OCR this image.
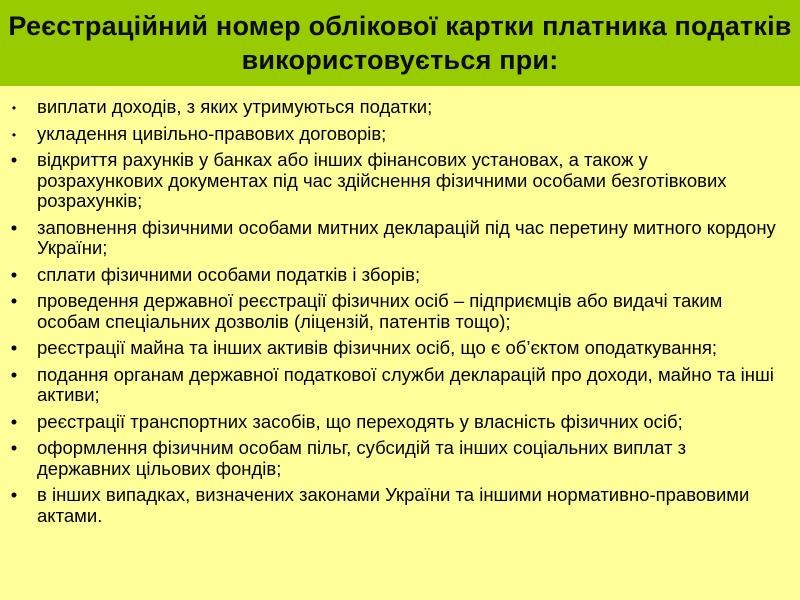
Реєстраційний номер облікової картки платника податків використовується при:
• виплати доходів, з яких утримуються податки;
• укладення цивільно-правових договорів;
• відкриття рахунків у банках або інших фінансових установах, а також у розрахункових документах під час здійснення фізичними особами безготівкових розрахунків;
• заповнення фізичними особами митних декларацій під час перетину митного кордону України;
• сплати фізичними особами податків і зборів;
• проведення державної реєстрації фізичних осіб – підприємців або видачі таким особам спеціальних дозволів (ліцензій, патентів тощо);
• реєстрації майна та інших активів фізичних осіб, що є об’єктом оподаткування;
• подання органам державної податкової служби декларацій про доходи, майно та інші активи;
• реєстрації транспортних засобів, що переходять у власність фізичних осіб;
• оформлення фізичним особам пільг, субсидій та інших соціальних виплат з державних цільових фондів;
• в інших випадках, визначених законами України та іншими нормативно-правовими актами.
